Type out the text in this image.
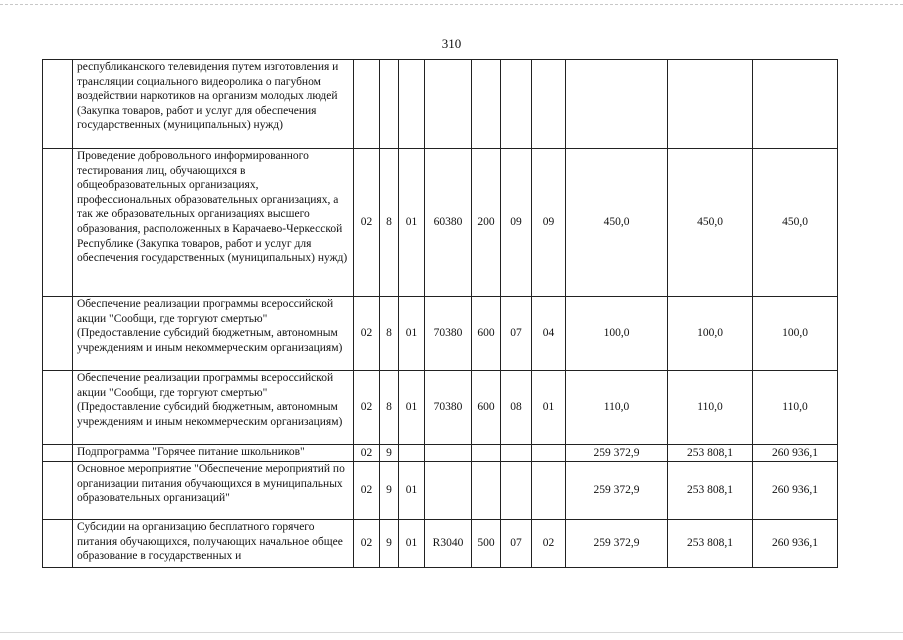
310
	республиканского телевидения путем изготовления и трансляции социального видеоролика о пагубном воздействии наркотиков на организм молодых людей (Закупка товаров, работ и услуг для обеспечения государственных (муниципальных) нужд)										
	Проведение добровольного информированного тестирования лиц, обучающихся в общеобразовательных организациях, профессиональных образовательных организациях, а так же образовательных организациях высшего образования, расположенных в Карачаево-Черкесской Республике (Закупка товаров, работ и услуг для обеспечения государственных (муниципальных) нужд)	02	8	01	60380	200	09	09	450,0	450,0	450,0
	Обеспечение реализации программы всероссийской акции "Сообщи, где торгуют смертью" (Предоставление субсидий бюджетным, автономным учреждениям и иным некоммерческим организациям)	02	8	01	70380	600	07	04	100,0	100,0	100,0
	Обеспечение реализации программы всероссийской акции "Сообщи, где торгуют смертью" (Предоставление субсидий бюджетным, автономным учреждениям и иным некоммерческим организациям)	02	8	01	70380	600	08	01	110,0	110,0	110,0
	Подпрограмма "Горячее питание школьников"	02	9						259 372,9	253 808,1	260 936,1
	Основное мероприятие "Обеспечение мероприятий по организации питания обучающихся в муниципальных образовательных организаций"	02	9	01					259 372,9	253 808,1	260 936,1
	Субсидии на организацию бесплатного горячего питания обучающихся, получающих начальное общее образование в государственных и	02	9	01	R3040	500	07	02	259 372,9	253 808,1	260 936,1
